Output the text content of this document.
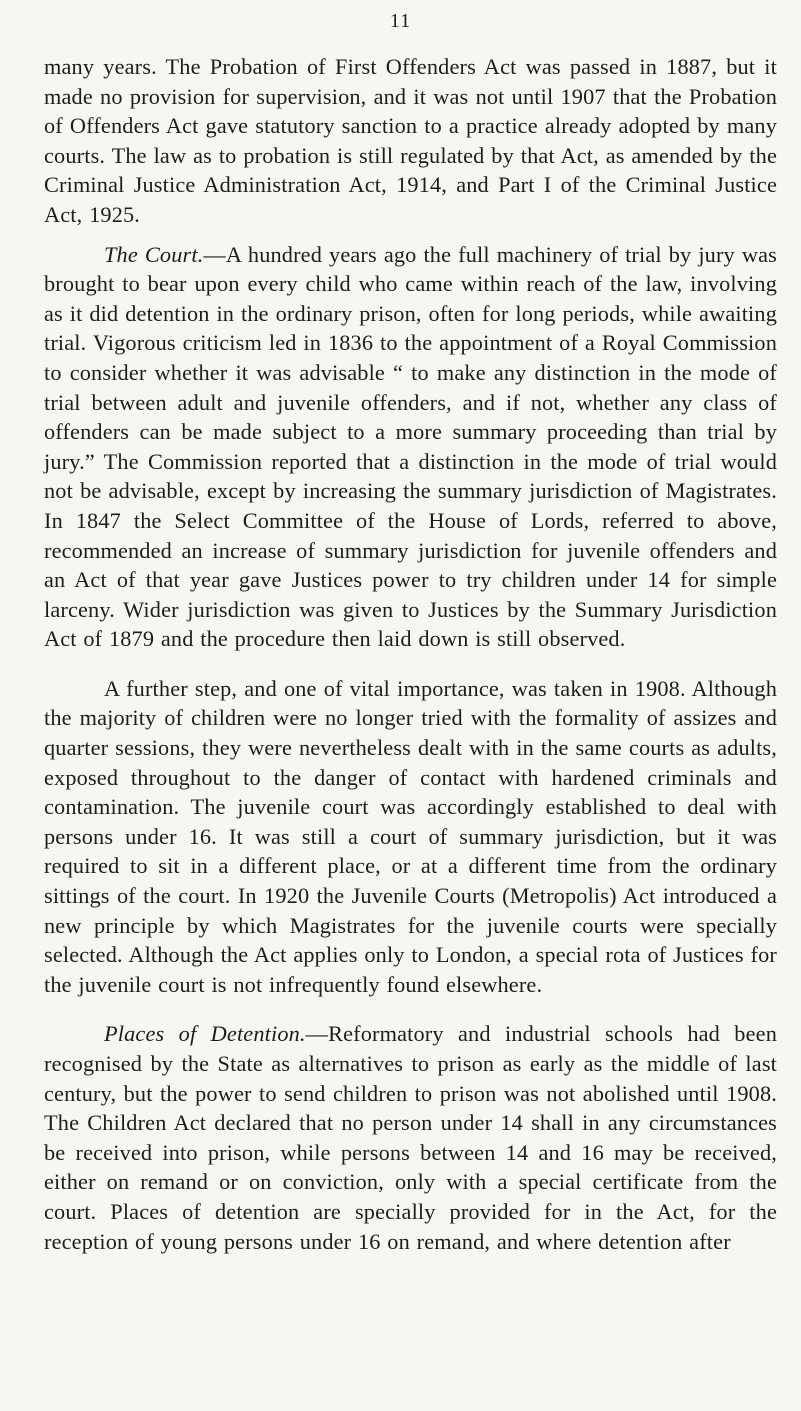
11

many years. The Probation of First Offenders Act was passed in 1887, but it made no provision for supervision, and it was not until 1907 that the Probation of Offenders Act gave statutory sanction to a practice already adopted by many courts. The law as to probation is still regulated by that Act, as amended by the Criminal Justice Administration Act, 1914, and Part I of the Criminal Justice Act, 1925.

The Court.—A hundred years ago the full machinery of trial by jury was brought to bear upon every child who came within reach of the law, involving as it did detention in the ordinary prison, often for long periods, while awaiting trial. Vigorous criticism led in 1836 to the appointment of a Royal Commission to consider whether it was advisable “ to make any distinction in the mode of trial between adult and juvenile offenders, and if not, whether any class of offenders can be made subject to a more summary proceeding than trial by jury.” The Commission reported that a distinction in the mode of trial would not be advisable, except by increasing the summary jurisdiction of Magistrates. In 1847 the Select Committee of the House of Lords, referred to above, recommended an increase of summary jurisdiction for juvenile offenders and an Act of that year gave Justices power to try children under 14 for simple larceny. Wider jurisdiction was given to Justices by the Summary Jurisdiction Act of 1879 and the procedure then laid down is still observed.

A further step, and one of vital importance, was taken in 1908. Although the majority of children were no longer tried with the formality of assizes and quarter sessions, they were nevertheless dealt with in the same courts as adults, exposed throughout to the danger of contact with hardened criminals and contamination. The juvenile court was accordingly established to deal with persons under 16. It was still a court of summary jurisdiction, but it was required to sit in a different place, or at a different time from the ordinary sittings of the court. In 1920 the Juvenile Courts (Metropolis) Act introduced a new principle by which Magistrates for the juvenile courts were specially selected. Although the Act applies only to London, a special rota of Justices for the juvenile court is not infrequently found elsewhere.

Places of Detention.—Reformatory and industrial schools had been recognised by the State as alternatives to prison as early as the middle of last century, but the power to send children to prison was not abolished until 1908. The Children Act declared that no person under 14 shall in any circumstances be received into prison, while persons between 14 and 16 may be received, either on remand or on conviction, only with a special certificate from the court. Places of detention are specially provided for in the Act, for the reception of young persons under 16 on remand, and where detention after
